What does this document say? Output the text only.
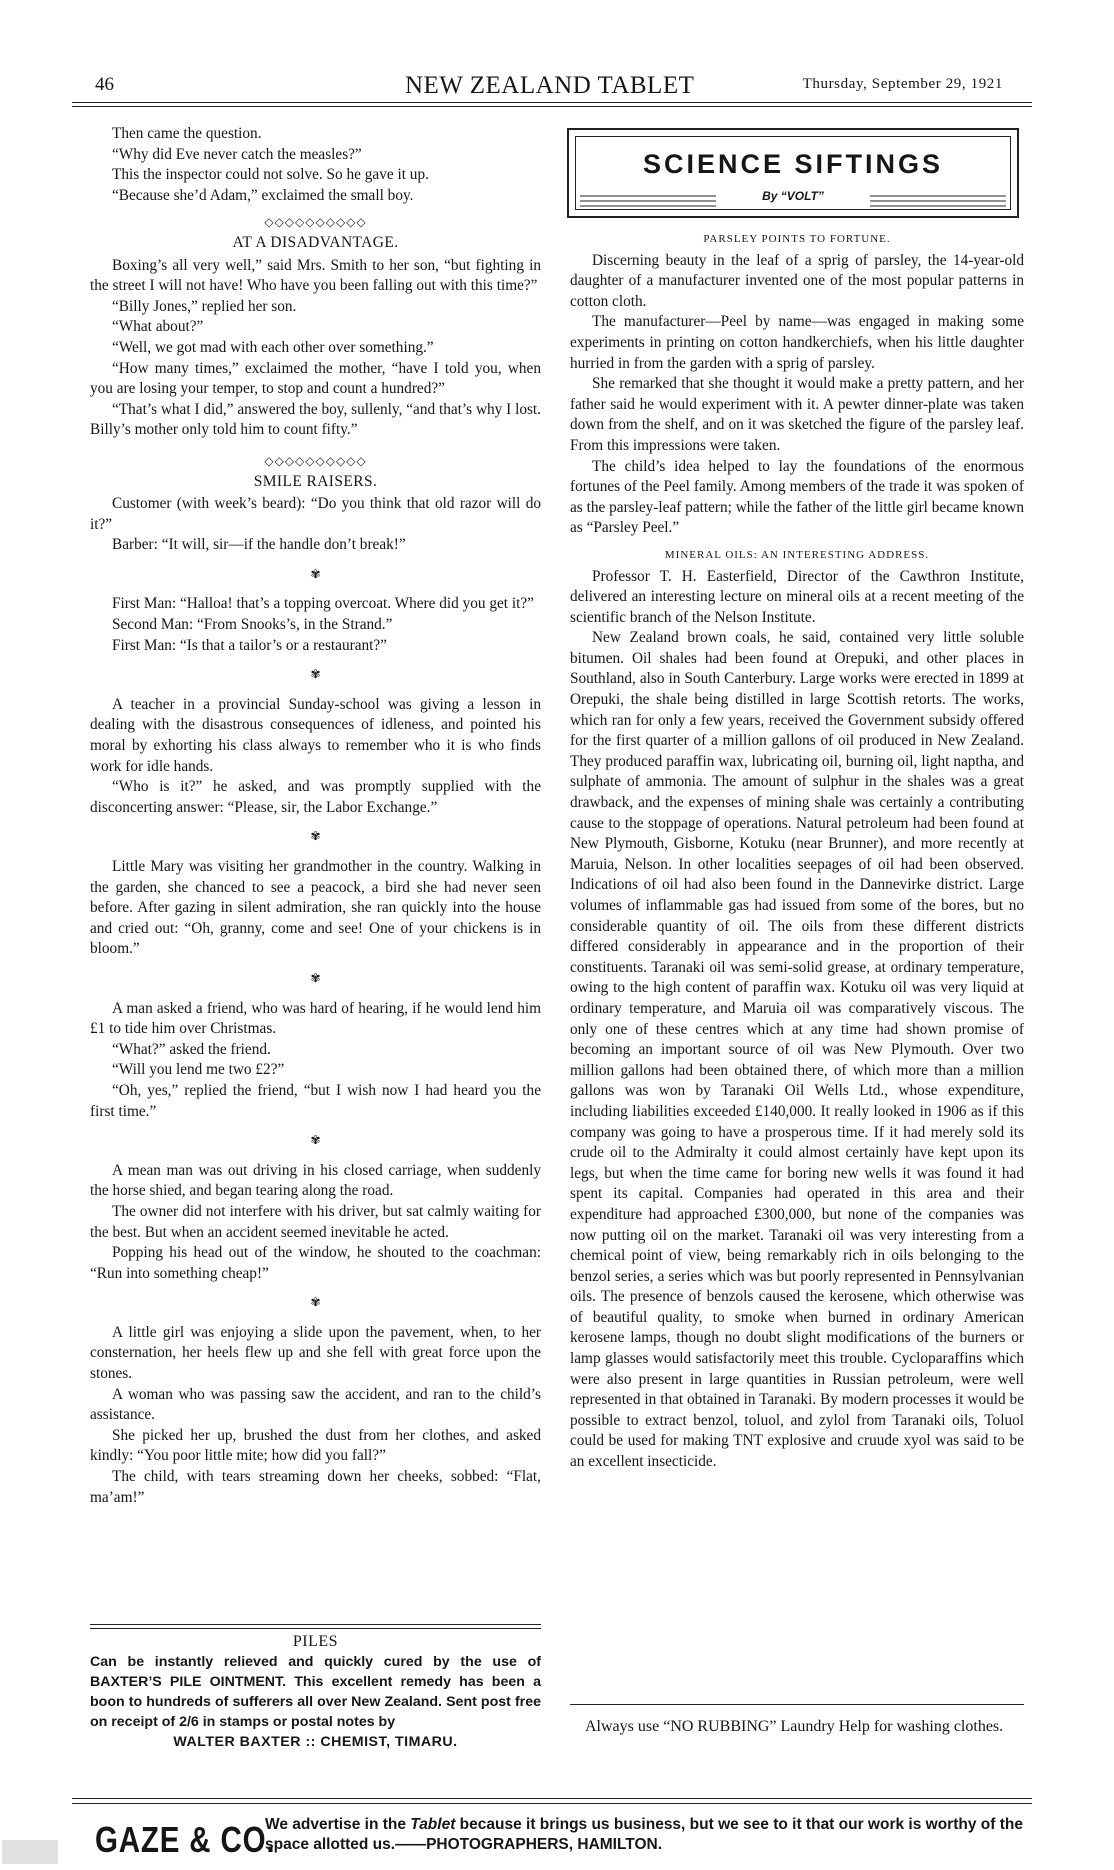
46	NEW ZEALAND TABLET	Thursday, September 29, 1921

Then came the question.

“Why did Eve never catch the measles?”

This the inspector could not solve. So he gave it up.

“Because she’d Adam,” exclaimed the small boy.

◇◇◇◇◇◇◇◇◇◇
AT A DISADVANTAGE.

Boxing’s all very well,” said Mrs. Smith to her son, “but fighting in the street I will not have! Who have you been falling out with this time?”

“Billy Jones,” replied her son.

“What about?”

“Well, we got mad with each other over something.”

“How many times,” exclaimed the mother, “have I told you, when you are losing your temper, to stop and count a hundred?”

“That’s what I did,” answered the boy, sullenly, “and that’s why I lost. Billy’s mother only told him to count fifty.”

◇◇◇◇◇◇◇◇◇◇
SMILE RAISERS.

Customer (with week’s beard): “Do you think that old razor will do it?”

Barber: “It will, sir—if the handle don’t break!”

✾

First Man: “Halloa! that’s a topping overcoat. Where did you get it?”

Second Man: “From Snooks’s, in the Strand.”

First Man: “Is that a tailor’s or a restaurant?”

✾

A teacher in a provincial Sunday-school was giving a lesson in dealing with the disastrous consequences of idleness, and pointed his moral by exhorting his class always to remember who it is who finds work for idle hands.

“Who is it?” he asked, and was promptly supplied with the disconcerting answer: “Please, sir, the Labor Exchange.”

✾

Little Mary was visiting her grandmother in the country. Walking in the garden, she chanced to see a peacock, a bird she had never seen before. After gazing in silent admiration, she ran quickly into the house and cried out: “Oh, granny, come and see! One of your chickens is in bloom.”

✾

A man asked a friend, who was hard of hearing, if he would lend him £1 to tide him over Christmas.

“What?” asked the friend.

“Will you lend me two £2?”

“Oh, yes,” replied the friend, “but I wish now I had heard you the first time.”

✾

A mean man was out driving in his closed carriage, when suddenly the horse shied, and began tearing along the road.

The owner did not interfere with his driver, but sat calmly waiting for the best. But when an accident seemed inevitable he acted.

Popping his head out of the window, he shouted to the coachman: “Run into something cheap!”

✾

A little girl was enjoying a slide upon the pavement, when, to her consternation, her heels flew up and she fell with great force upon the stones.

A woman who was passing saw the accident, and ran to the child’s assistance.

She picked her up, brushed the dust from her clothes, and asked kindly: “You poor little mite; how did you fall?”

The child, with tears streaming down her cheeks, sobbed: “Flat, ma’am!”

PILES
Can be instantly relieved and quickly cured by the use of BAXTER’S PILE OINTMENT. This excellent remedy has been a boon to hundreds of sufferers all over New Zealand. Sent post free on receipt of 2/6 in stamps or postal notes by
WALTER BAXTER :: CHEMIST, TIMARU.
SCIENCE SIFTINGS
By “VOLT”
PARSLEY POINTS TO FORTUNE.

Discerning beauty in the leaf of a sprig of parsley, the 14-year-old daughter of a manufacturer invented one of the most popular patterns in cotton cloth.

The manufacturer—Peel by name—was engaged in making some experiments in printing on cotton handkerchiefs, when his little daughter hurried in from the garden with a sprig of parsley.

She remarked that she thought it would make a pretty pattern, and her father said he would experiment with it. A pewter dinner-plate was taken down from the shelf, and on it was sketched the figure of the parsley leaf. From this impressions were taken.

The child’s idea helped to lay the foundations of the enormous fortunes of the Peel family. Among members of the trade it was spoken of as the parsley-leaf pattern; while the father of the little girl became known as “Parsley Peel.”

MINERAL OILS: AN INTERESTING ADDRESS.

Professor T. H. Easterfield, Director of the Cawthron Institute, delivered an interesting lecture on mineral oils at a recent meeting of the scientific branch of the Nelson Institute.

New Zealand brown coals, he said, contained very little soluble bitumen. Oil shales had been found at Orepuki, and other places in Southland, also in South Canterbury. Large works were erected in 1899 at Orepuki, the shale being distilled in large Scottish retorts. The works, which ran for only a few years, received the Government subsidy offered for the first quarter of a million gallons of oil produced in New Zealand. They produced paraffin wax, lubricating oil, burning oil, light naptha, and sulphate of ammonia. The amount of sulphur in the shales was a great drawback, and the expenses of mining shale was certainly a contributing cause to the stoppage of operations. Natural petroleum had been found at New Plymouth, Gisborne, Kotuku (near Brunner), and more recently at Maruia, Nelson. In other localities seepages of oil had been observed. Indications of oil had also been found in the Dannevirke district. Large volumes of inflammable gas had issued from some of the bores, but no considerable quantity of oil. The oils from these different districts differed considerably in appearance and in the proportion of their constituents. Taranaki oil was semi-solid grease, at ordinary temperature, owing to the high content of paraffin wax. Kotuku oil was very liquid at ordinary temperature, and Maruia oil was comparatively viscous. The only one of these centres which at any time had shown promise of becoming an important source of oil was New Plymouth. Over two million gallons had been obtained there, of which more than a million gallons was won by Taranaki Oil Wells Ltd., whose expenditure, including liabilities exceeded £140,000. It really looked in 1906 as if this company was going to have a prosperous time. If it had merely sold its crude oil to the Admiralty it could almost certainly have kept upon its legs, but when the time came for boring new wells it was found it had spent its capital. Companies had operated in this area and their expenditure had approached £300,000, but none of the companies was now putting oil on the market. Taranaki oil was very interesting from a chemical point of view, being remarkably rich in oils belonging to the benzol series, a series which was but poorly represented in Pennsylvanian oils. The presence of benzols caused the kerosene, which otherwise was of beautiful quality, to smoke when burned in ordinary American kerosene lamps, though no doubt slight modifications of the burners or lamp glasses would satisfactorily meet this trouble. Cycloparaffins which were also present in large quantities in Russian petroleum, were well represented in that obtained in Taranaki. By modern processes it would be possible to extract benzol, toluol, and zylol from Taranaki oils, Toluol could be used for making TNT explosive and cruude xyol was said to be an excellent insecticide.

Always use “NO RUBBING” Laundry Help for washing clothes.
GAZE & CO.
We advertise in the Tablet because it brings us business, but we see to it that our work is worthy of the space allotted us.——PHOTOGRAPHERS, HAMILTON.
